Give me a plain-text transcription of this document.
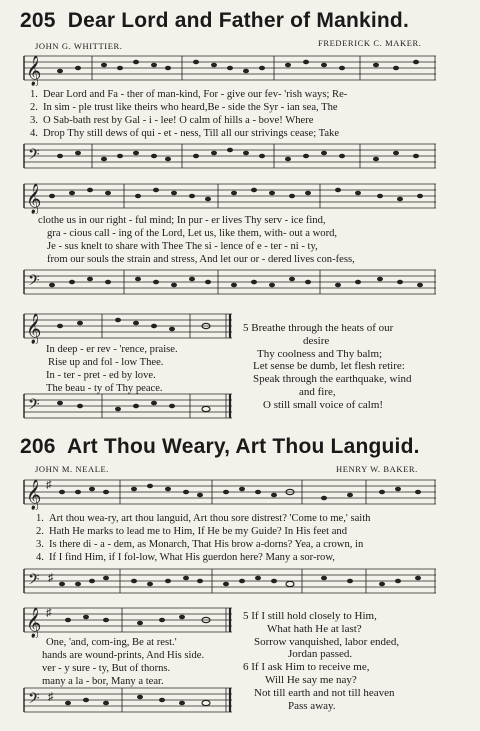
205 Dear Lord and Father of Mankind.
JOHN G. WHITTIER.	FREDERICK C. MAKER.
𝄞
1. Dear Lord and Fa - ther of man-kind, For - give our fev- 'rish ways; Re-
2. In sim - ple trust like theirs who heard,Be - side the Syr - ian sea, The
3. O Sab-bath rest by Gal - i - lee! O calm of hills a - bove! Where
4. Drop Thy still dews of qui - et - ness, Till all our strivings cease; Take
𝄢
𝄞
clothe us in our right - ful mind; In pur - er lives Thy serv - ice find,
gra - cious call - ing of the Lord, Let us, like them, with- out a word,
Je - sus knelt to share with Thee The si - lence of e - ter - ni - ty,
from our souls the strain and stress, And let our or - dered lives con-fess,
𝄢
𝄞
In deep - er rev - 'rence, praise.
Rise up and fol - low Thee.
In - ter - pret - ed by love.
The beau - ty of Thy peace.
𝄢
5 Breathe through the heats of our
desire
Thy coolness and Thy balm;
Let sense be dumb, let flesh retire:
Speak through the earthquake, wind
and fire,
O still small voice of calm!
206 Art Thou Weary, Art Thou Languid.
JOHN M. NEALE.	HENRY W. BAKER.
𝄞 ♯
1. Art thou wea-ry, art thou languid, Art thou sore distrest? 'Come to me,' saith
2. Hath He marks to lead me to Him, If He be my Guide? In His feet and
3. Is there di - a - dem, as Monarch, That His brow a-dorns? Yea, a crown, in
4. If I find Him, if I fol-low, What His guerdon here? Many a sor-row,
𝄢 ♯
𝄞 ♯
One, 'and, com-ing, Be at rest.'
hands are wound-prints, And His side.
ver - y sure - ty, But of thorns.
many a la - bor, Many a tear.
𝄢 ♯
5 If I still hold closely to Him,
What hath He at last?
Sorrow vanquished, labor ended,
Jordan passed.
6 If I ask Him to receive me,
Will He say me nay?
Not till earth and not till heaven
Pass away.
